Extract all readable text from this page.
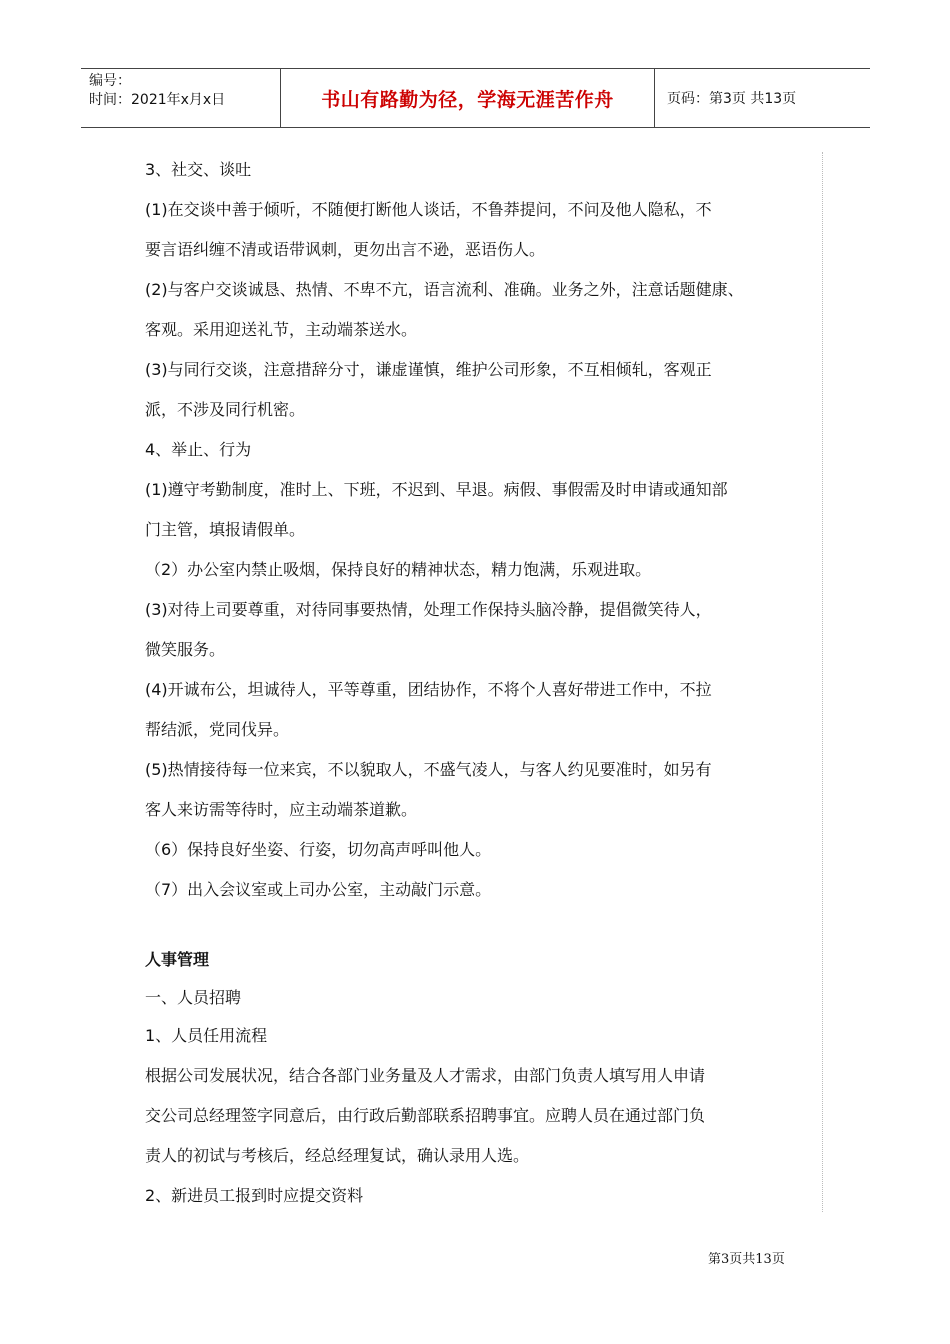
编号：
时间：2021年x月x日	书山有路勤为径，学海无涯苦作舟	页码：第3页 共13页

3、社交、谈吐

(1)在交谈中善于倾听，不随便打断他人谈话，不鲁莽提问，不问及他人隐私，不

要言语纠缠不清或语带讽刺，更勿出言不逊，恶语伤人。

(2)与客户交谈诚恳、热情、不卑不亢，语言流利、准确。业务之外，注意话题健康、

客观。采用迎送礼节，主动端茶送水。

(3)与同行交谈，注意措辞分寸，谦虚谨慎，维护公司形象，不互相倾轧，客观正

派，不涉及同行机密。

4、举止、行为

(1)遵守考勤制度，准时上、下班，不迟到、早退。病假、事假需及时申请或通知部

门主管，填报请假单。

（2）办公室内禁止吸烟，保持良好的精神状态，精力饱满，乐观进取。

(3)对待上司要尊重，对待同事要热情，处理工作保持头脑冷静，提倡微笑待人，

微笑服务。

(4)开诚布公，坦诚待人，平等尊重，团结协作，不将个人喜好带进工作中，不拉

帮结派，党同伐异。

(5)热情接待每一位来宾，不以貌取人，不盛气凌人，与客人约见要准时，如另有

客人来访需等待时，应主动端茶道歉。

（6）保持良好坐姿、行姿，切勿高声呼叫他人。

（7）出入会议室或上司办公室，主动敲门示意。

人事管理

一、人员招聘

1、人员任用流程

根据公司发展状况，结合各部门业务量及人才需求，由部门负责人填写用人申请

交公司总经理签字同意后，由行政后勤部联系招聘事宜。应聘人员在通过部门负

责人的初试与考核后，经总经理复试，确认录用人选。

2、新进员工报到时应提交资料

第3页共13页
